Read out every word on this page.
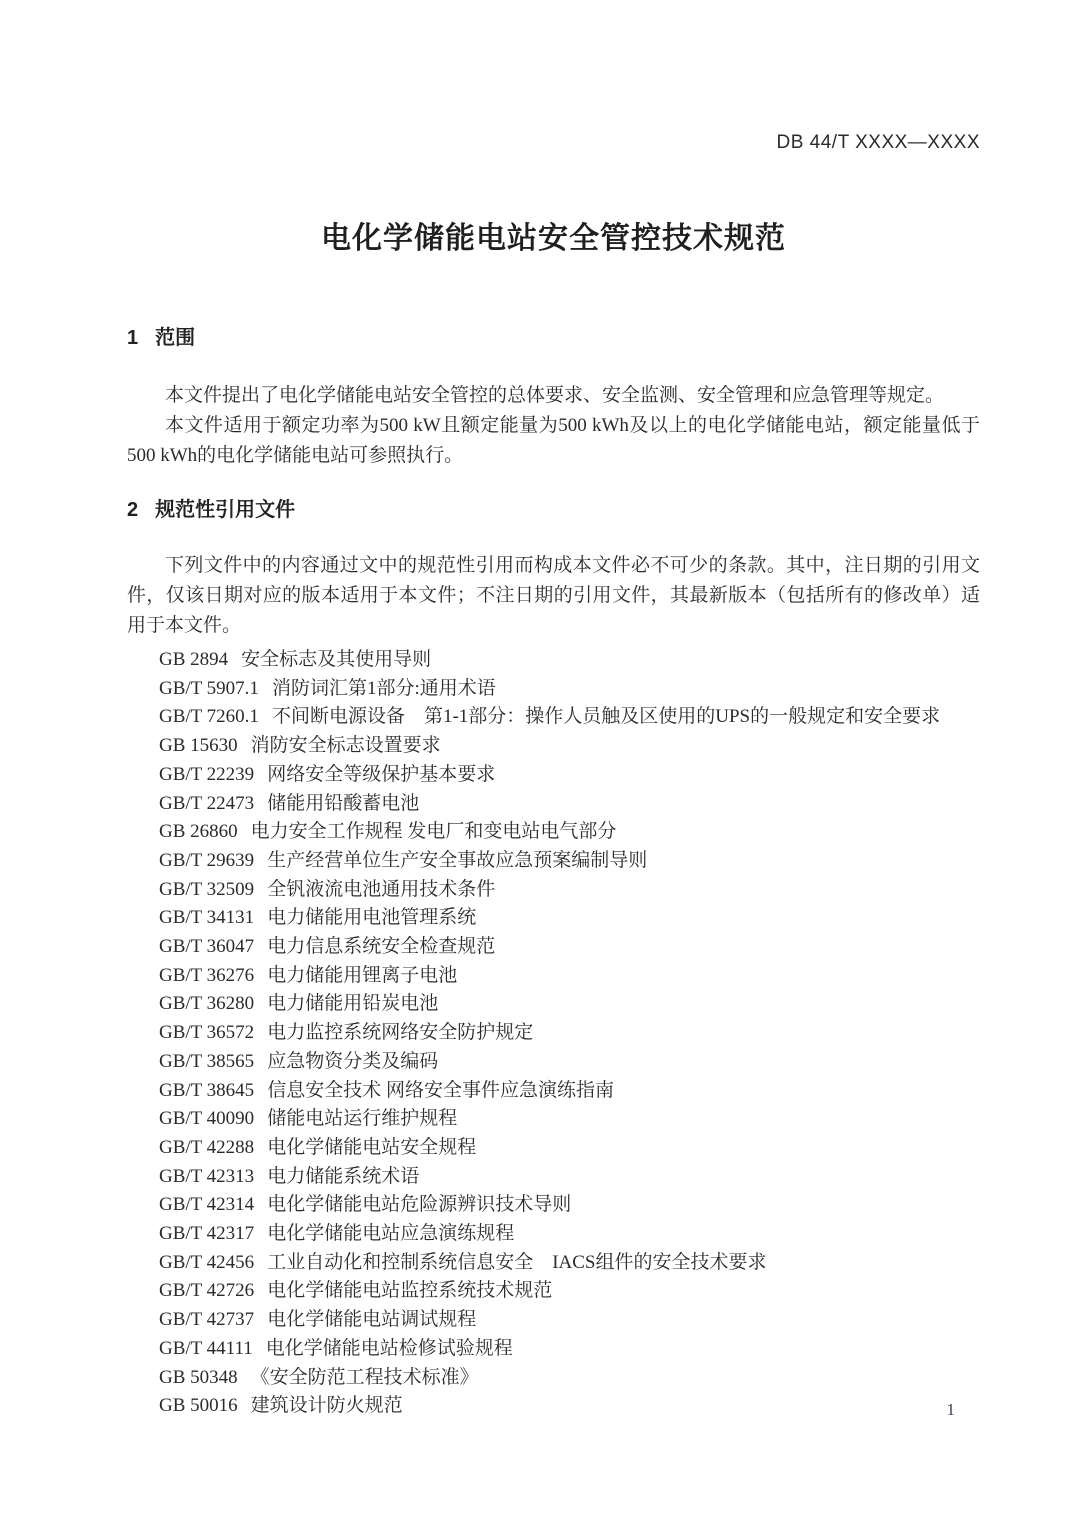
DB 44/T XXXX—XXXX
电化学储能电站安全管控技术规范
1 范围

本文件提出了电化学储能电站安全管控的总体要求、安全监测、安全管理和应急管理等规定。

本文件适用于额定功率为500 kW且额定能量为500 kWh及以上的电化学储能电站，额定能量低于500 kWh的电化学储能电站可参照执行。

2 规范性引用文件

下列文件中的内容通过文中的规范性引用而构成本文件必不可少的条款。其中，注日期的引用文件，仅该日期对应的版本适用于本文件；不注日期的引用文件，其最新版本（包括所有的修改单）适用于本文件。

GB 2894 安全标志及其使用导则
GB/T 5907.1 消防词汇第1部分:通用术语
GB/T 7260.1 不间断电源设备　第1-1部分：操作人员触及区使用的UPS的一般规定和安全要求
GB 15630 消防安全标志设置要求
GB/T 22239 网络安全等级保护基本要求
GB/T 22473 储能用铅酸蓄电池
GB 26860 电力安全工作规程 发电厂和变电站电气部分
GB/T 29639 生产经营单位生产安全事故应急预案编制导则
GB/T 32509 全钒液流电池通用技术条件
GB/T 34131 电力储能用电池管理系统
GB/T 36047 电力信息系统安全检查规范
GB/T 36276 电力储能用锂离子电池
GB/T 36280 电力储能用铅炭电池
GB/T 36572 电力监控系统网络安全防护规定
GB/T 38565 应急物资分类及编码
GB/T 38645 信息安全技术 网络安全事件应急演练指南
GB/T 40090 储能电站运行维护规程
GB/T 42288 电化学储能电站安全规程
GB/T 42313 电力储能系统术语
GB/T 42314 电化学储能电站危险源辨识技术导则
GB/T 42317 电化学储能电站应急演练规程
GB/T 42456 工业自动化和控制系统信息安全　IACS组件的安全技术要求
GB/T 42726 电化学储能电站监控系统技术规范
GB/T 42737 电化学储能电站调试规程
GB/T 44111 电化学储能电站检修试验规程
GB 50348 《安全防范工程技术标准》
GB 50016 建筑设计防火规范	1
